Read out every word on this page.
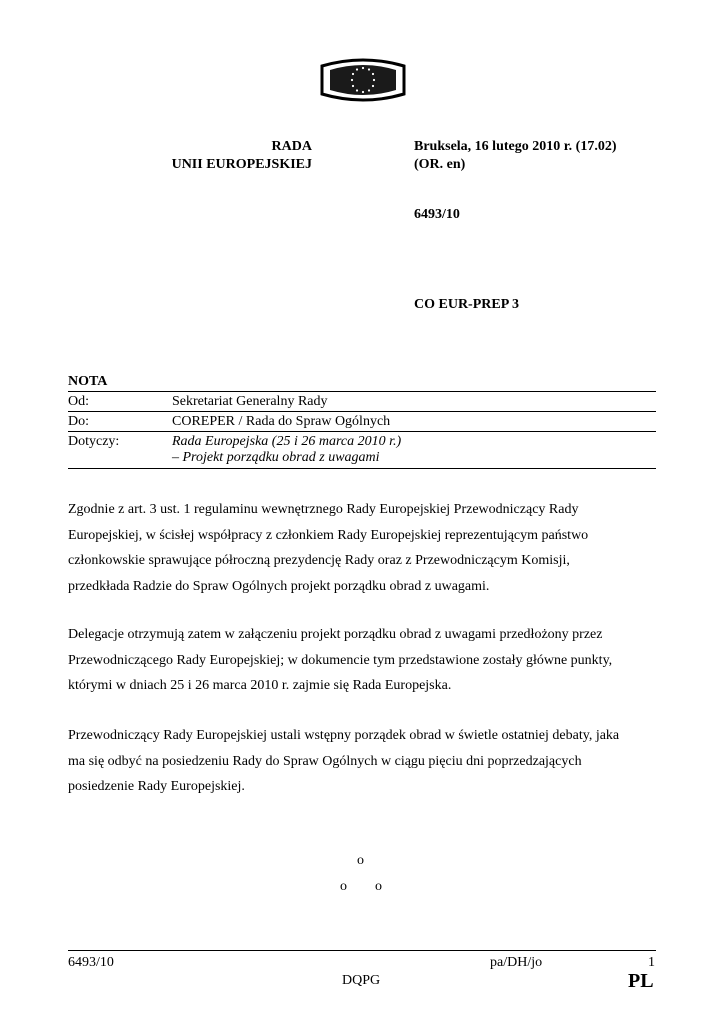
RADA
UNII EUROPEJSKIEJ
Bruksela, 16 lutego 2010 r. (17.02)
(OR. en)
6493/10
CO EUR-PREP 3
NOTA
Od:	Sekretariat Generalny Rady
Do:	COREPER / Rada do Spraw Ogólnych
Dotyczy:	Rada Europejska (25 i 26 marca 2010 r.)
– Projekt porządku obrad z uwagami
Zgodnie z art. 3 ust. 1 regulaminu wewnętrznego Rady Europejskiej Przewodniczący Rady
Europejskiej, w ścisłej współpracy z członkiem Rady Europejskiej reprezentującym państwo
członkowskie sprawujące półroczną prezydencję Rady oraz z Przewodniczącym Komisji,
przedkłada Radzie do Spraw Ogólnych projekt porządku obrad z uwagami.
Delegacje otrzymują zatem w załączeniu projekt porządku obrad z uwagami przedłożony przez
Przewodniczącego Rady Europejskiej; w dokumencie tym przedstawione zostały główne punkty,
którymi w dniach 25 i 26 marca 2010 r. zajmie się Rada Europejska.
Przewodniczący Rady Europejskiej ustali wstępny porządek obrad w świetle ostatniej debaty, jaka
ma się odbyć na posiedzeniu Rady do Spraw Ogólnych w ciągu pięciu dni poprzedzających
posiedzenie Rady Europejskiej.
o
o o
6493/10	pa/DH/jo	1
DQPG	PL
